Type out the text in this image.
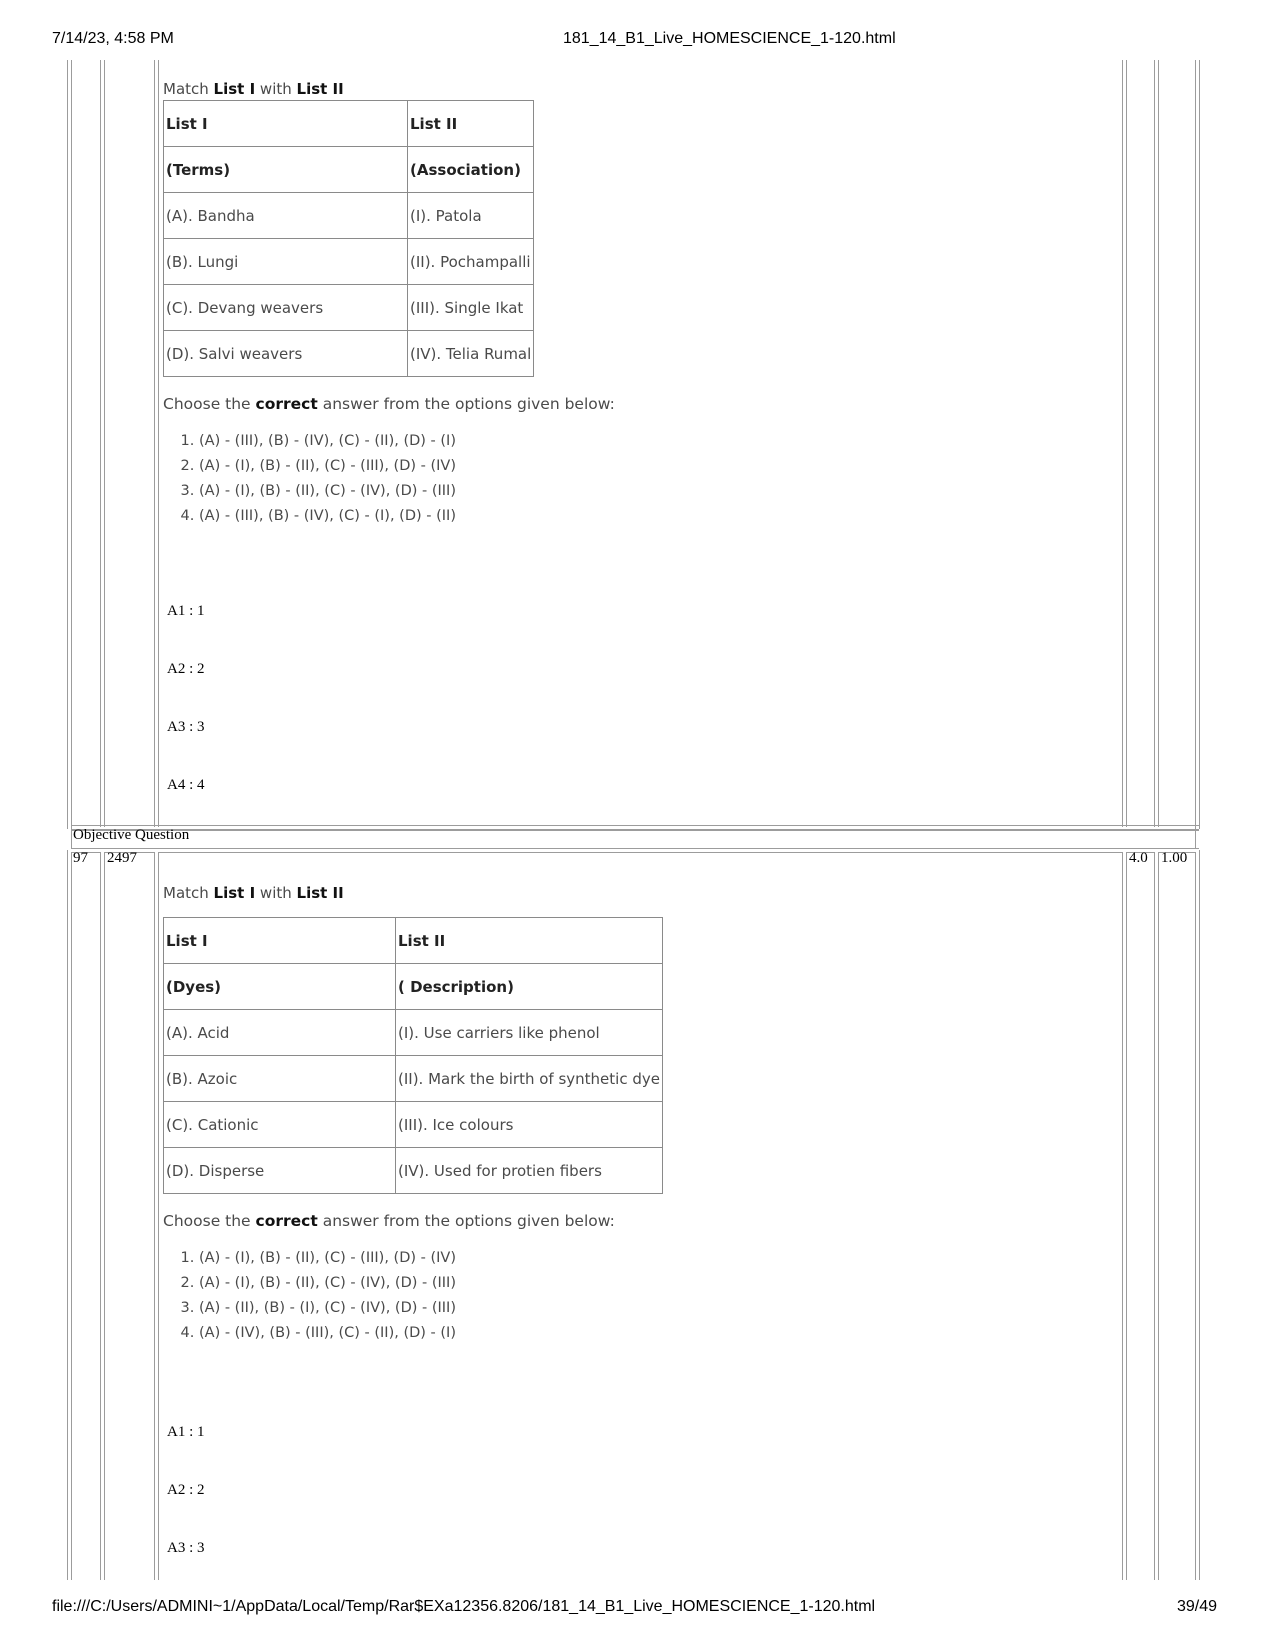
7/14/23, 4:58 PM	181_14_B1_Live_HOMESCIENCE_1-120.html
Objective Question
97 2497	4.0 1.00
Match List I with List II
List I	List II
(Terms)	(Association)
(A). Bandha	(I). Patola
(B). Lungi	(II). Pochampalli
(C). Devang weavers	(III). Single Ikat
(D). Salvi weavers	(IV). Telia Rumal
Choose the correct answer from the options given below:
1. (A) - (III), (B) - (IV), (C) - (II), (D) - (I)
2. (A) - (I), (B) - (II), (C) - (III), (D) - (IV)
3. (A) - (I), (B) - (II), (C) - (IV), (D) - (III)
4. (A) - (III), (B) - (IV), (C) - (I), (D) - (II)
A1 : 1
A2 : 2
A3 : 3
A4 : 4
Match List I with List II
List I	List II
(Dyes)	( Description)
(A). Acid	(I). Use carriers like phenol
(B). Azoic	(II). Mark the birth of synthetic dye
(C). Cationic	(III). Ice colours
(D). Disperse	(IV). Used for protien fibers
Choose the correct answer from the options given below:
1. (A) - (I), (B) - (II), (C) - (III), (D) - (IV)
2. (A) - (I), (B) - (II), (C) - (IV), (D) - (III)
3. (A) - (II), (B) - (I), (C) - (IV), (D) - (III)
4. (A) - (IV), (B) - (III), (C) - (II), (D) - (I)
A1 : 1
A2 : 2
A3 : 3
file:///C:/Users/ADMINI~1/AppData/Local/Temp/Rar$EXa12356.8206/181_14_B1_Live_HOMESCIENCE_1-120.html	39/49
